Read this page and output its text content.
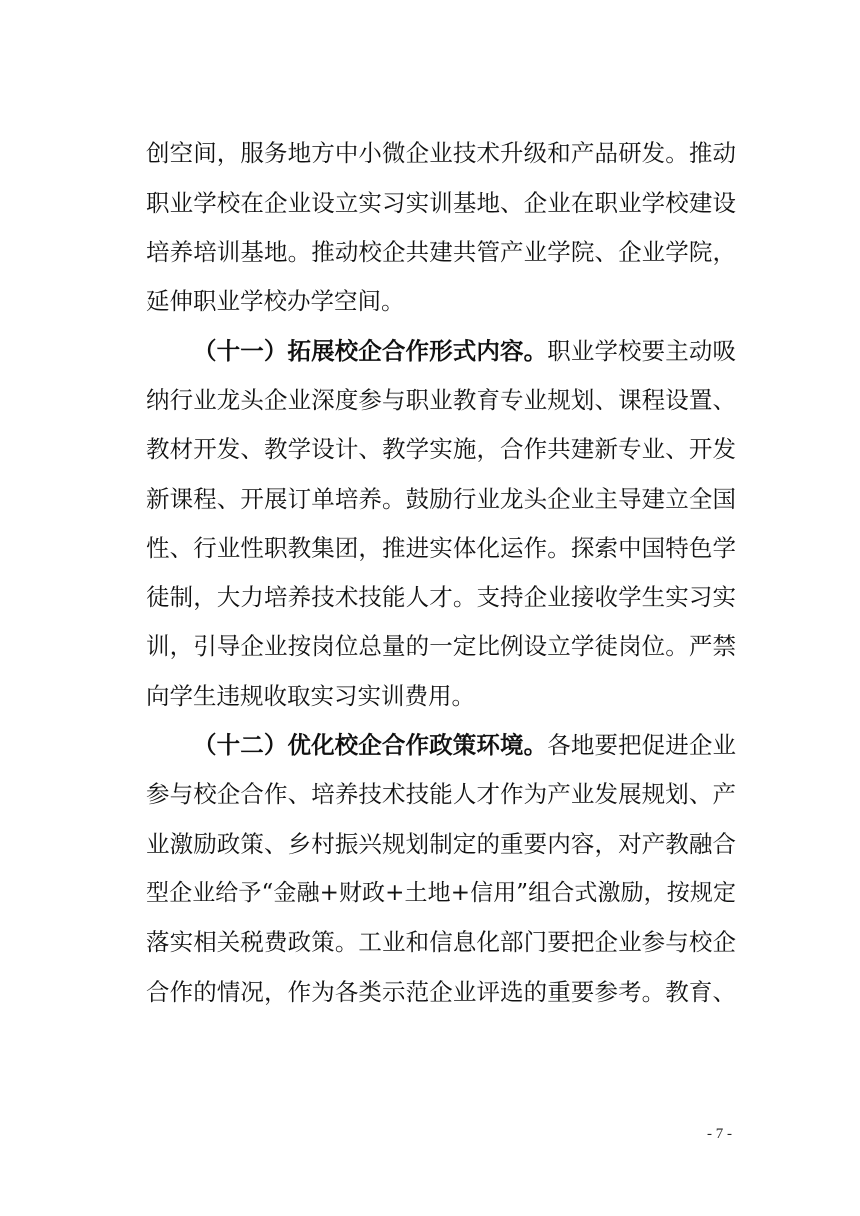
创空间，服务地方中小微企业技术升级和产品研发。推动
职业学校在企业设立实习实训基地、企业在职业学校建设
培养培训基地。推动校企共建共管产业学院、企业学院，
延伸职业学校办学空间。
（十一）拓展校企合作形式内容。职业学校要主动吸
纳行业龙头企业深度参与职业教育专业规划、课程设置、
教材开发、教学设计、教学实施，合作共建新专业、开发
新课程、开展订单培养。鼓励行业龙头企业主导建立全国
性、行业性职教集团，推进实体化运作。探索中国特色学
徒制，大力培养技术技能人才。支持企业接收学生实习实
训，引导企业按岗位总量的一定比例设立学徒岗位。严禁
向学生违规收取实习实训费用。
（十二）优化校企合作政策环境。各地要把促进企业
参与校企合作、培养技术技能人才作为产业发展规划、产
业激励政策、乡村振兴规划制定的重要内容，对产教融合
型企业给予“金融+财政+土地+信用”组合式激励，按规定
落实相关税费政策。工业和信息化部门要把企业参与校企
合作的情况，作为各类示范企业评选的重要参考。教育、
- 7 -
